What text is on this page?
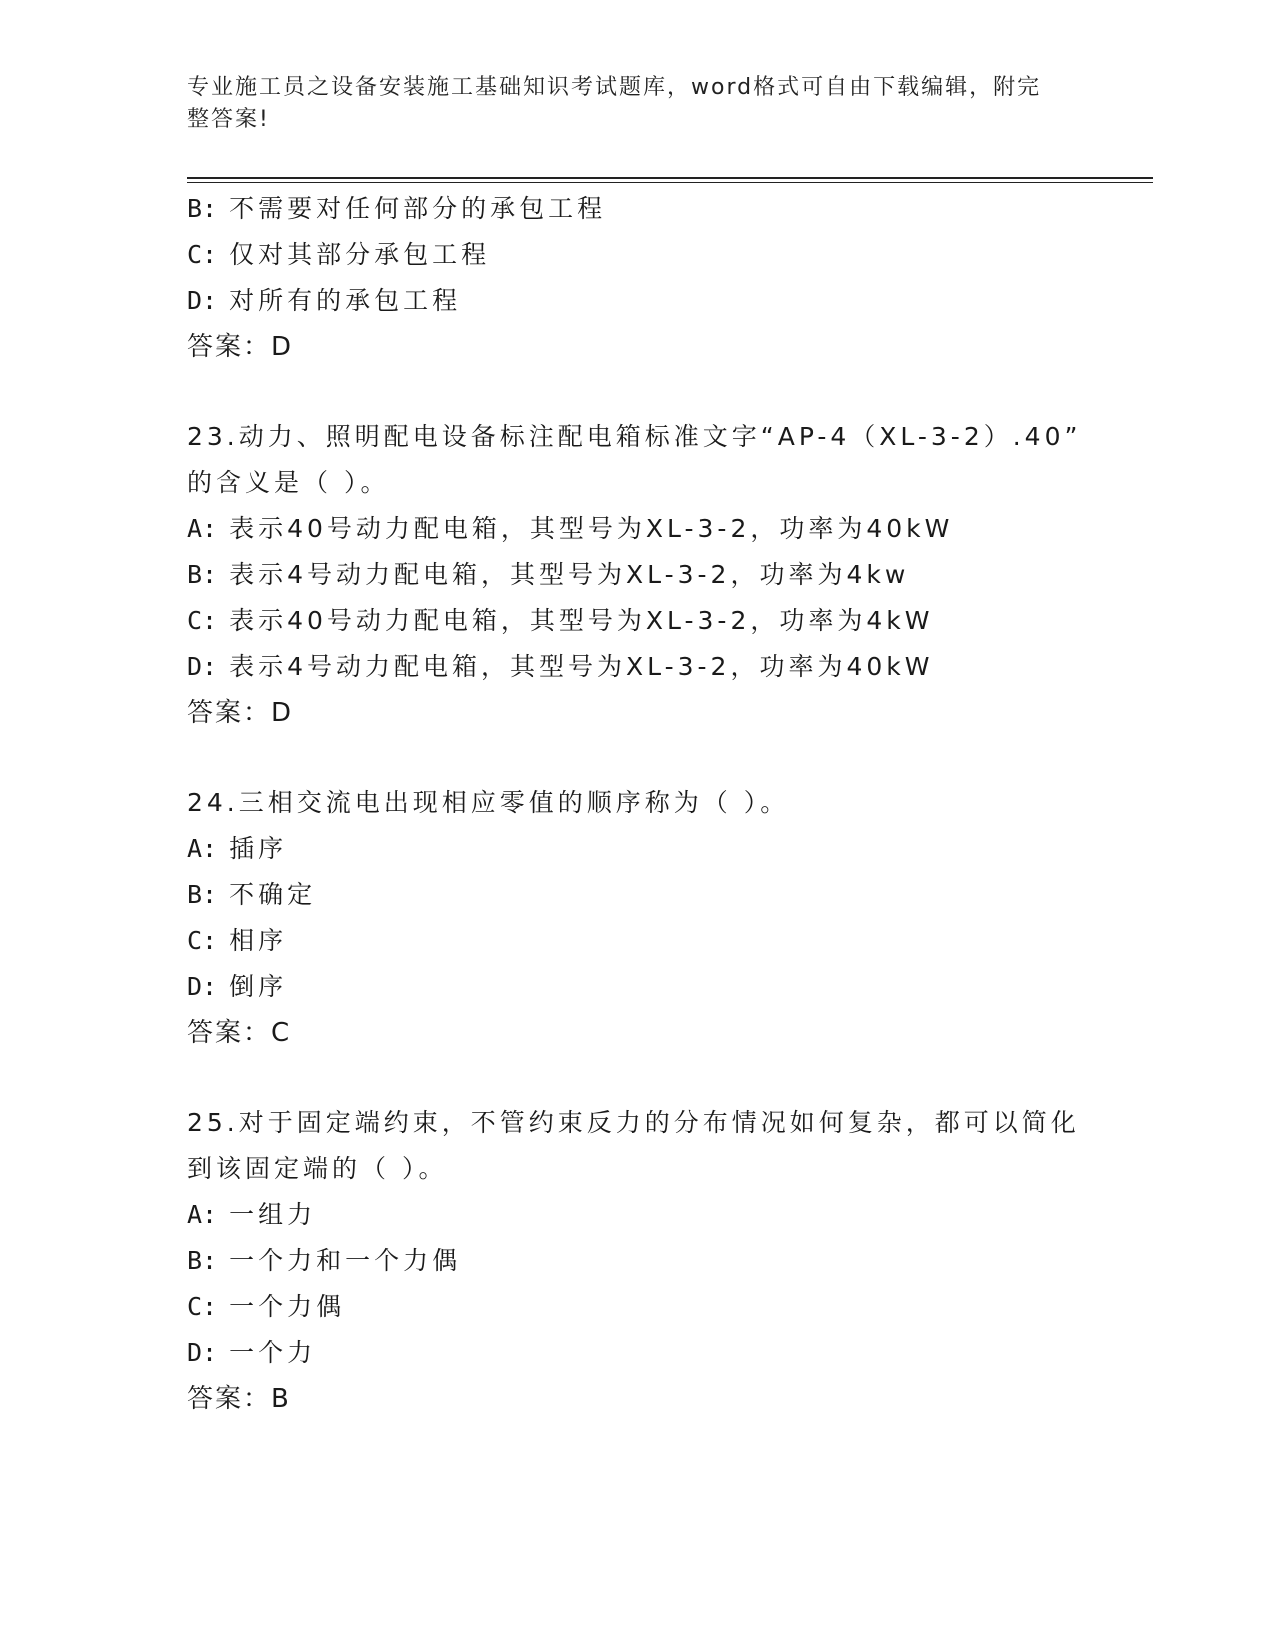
专业施工员之设备安装施工基础知识考试题库，word格式可自由下载编辑，附完
整答案!
B: 不需要对任何部分的承包工程
C: 仅对其部分承包工程
D: 对所有的承包工程
答案：D
23.动力、照明配电设备标注配电箱标准文字“AP-4（XL-3-2）.40”
的含义是（ ）。
A: 表示40号动力配电箱，其型号为XL-3-2，功率为40kW
B: 表示4号动力配电箱，其型号为XL-3-2，功率为4kw
C: 表示40号动力配电箱，其型号为XL-3-2，功率为4kW
D: 表示4号动力配电箱，其型号为XL-3-2，功率为40kW
答案：D
24.三相交流电出现相应零值的顺序称为（ ）。
A: 插序
B: 不确定
C: 相序
D: 倒序
答案：C
25.对于固定端约束，不管约束反力的分布情况如何复杂，都可以简化
到该固定端的（ ）。
A: 一组力
B: 一个力和一个力偶
C: 一个力偶
D: 一个力
答案：B
